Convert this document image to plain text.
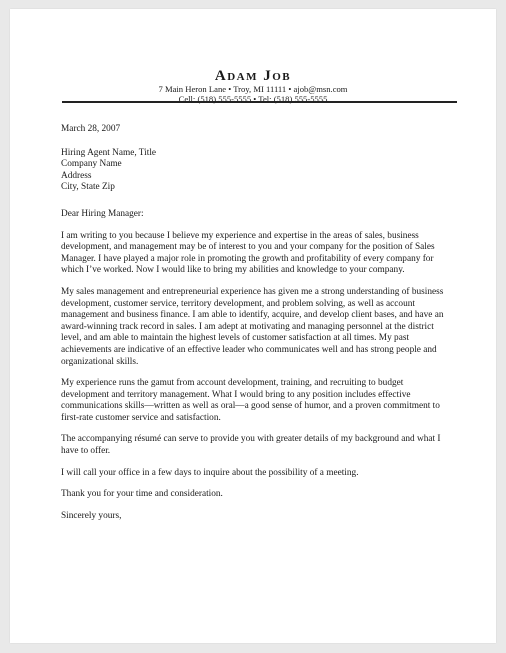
Adam Job
7 Main Heron Lane • Troy, MI 11111 • ajob@msn.com
Cell: (518) 555-5555 • Tel: (518) 555-5555

March 28, 2007

Hiring Agent Name, Title

Company Name

Address

City, State Zip

Dear Hiring Manager:

I am writing to you because I believe my experience and expertise in the areas of sales, business development, and management may be of interest to you and your company for the position of Sales Manager. I have played a major role in promoting the growth and profitability of every company for which I’ve worked. Now I would like to bring my abilities and knowledge to your company.

My sales management and entrepreneurial experience has given me a strong understanding of business development, customer service, territory development, and problem solving, as well as account management and business finance. I am able to identify, acquire, and develop client bases, and have an award-winning track record in sales. I am adept at motivating and managing personnel at the district level, and am able to maintain the highest levels of customer satisfaction at all times. My past achievements are indicative of an effective leader who communicates well and has strong people and organizational skills.

My experience runs the gamut from account development, training, and recruiting to budget development and territory management. What I would bring to any position includes effective communications skills—written as well as oral—a good sense of humor, and a proven commitment to first-rate customer service and satisfaction.

The accompanying résumé can serve to provide you with greater details of my background and what I have to offer.

I will call your office in a few days to inquire about the possibility of a meeting.

Thank you for your time and consideration.

Sincerely yours,
